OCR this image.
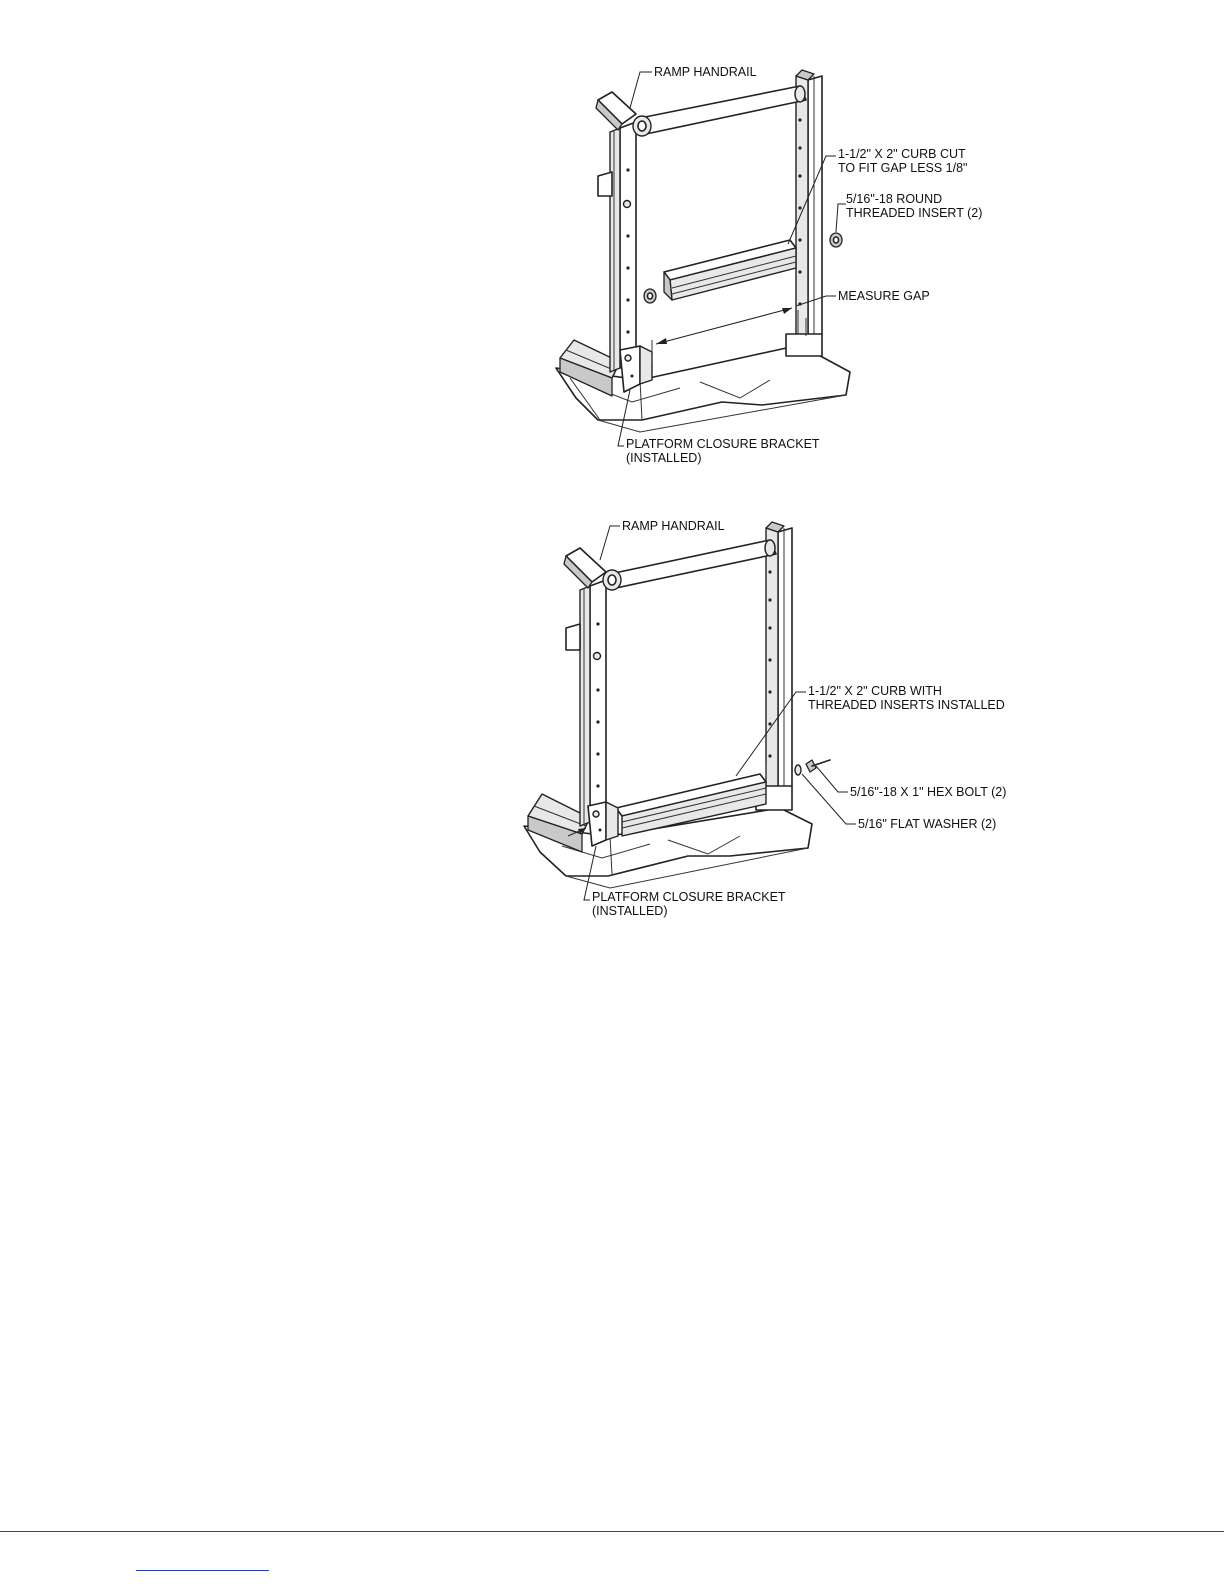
RAMP HANDRAIL
1-1/2" X 2" CURB CUT
TO FIT GAP LESS 1/8"
5/16"-18 ROUND
THREADED INSERT (2)
MEASURE GAP
PLATFORM CLOSURE BRACKET
(INSTALLED)
RAMP HANDRAIL
1-1/2" X 2" CURB WITH
THREADED INSERTS INSTALLED
5/16"-18 X 1" HEX BOLT (2)
5/16" FLAT WASHER (2)
PLATFORM CLOSURE BRACKET
(INSTALLED)
